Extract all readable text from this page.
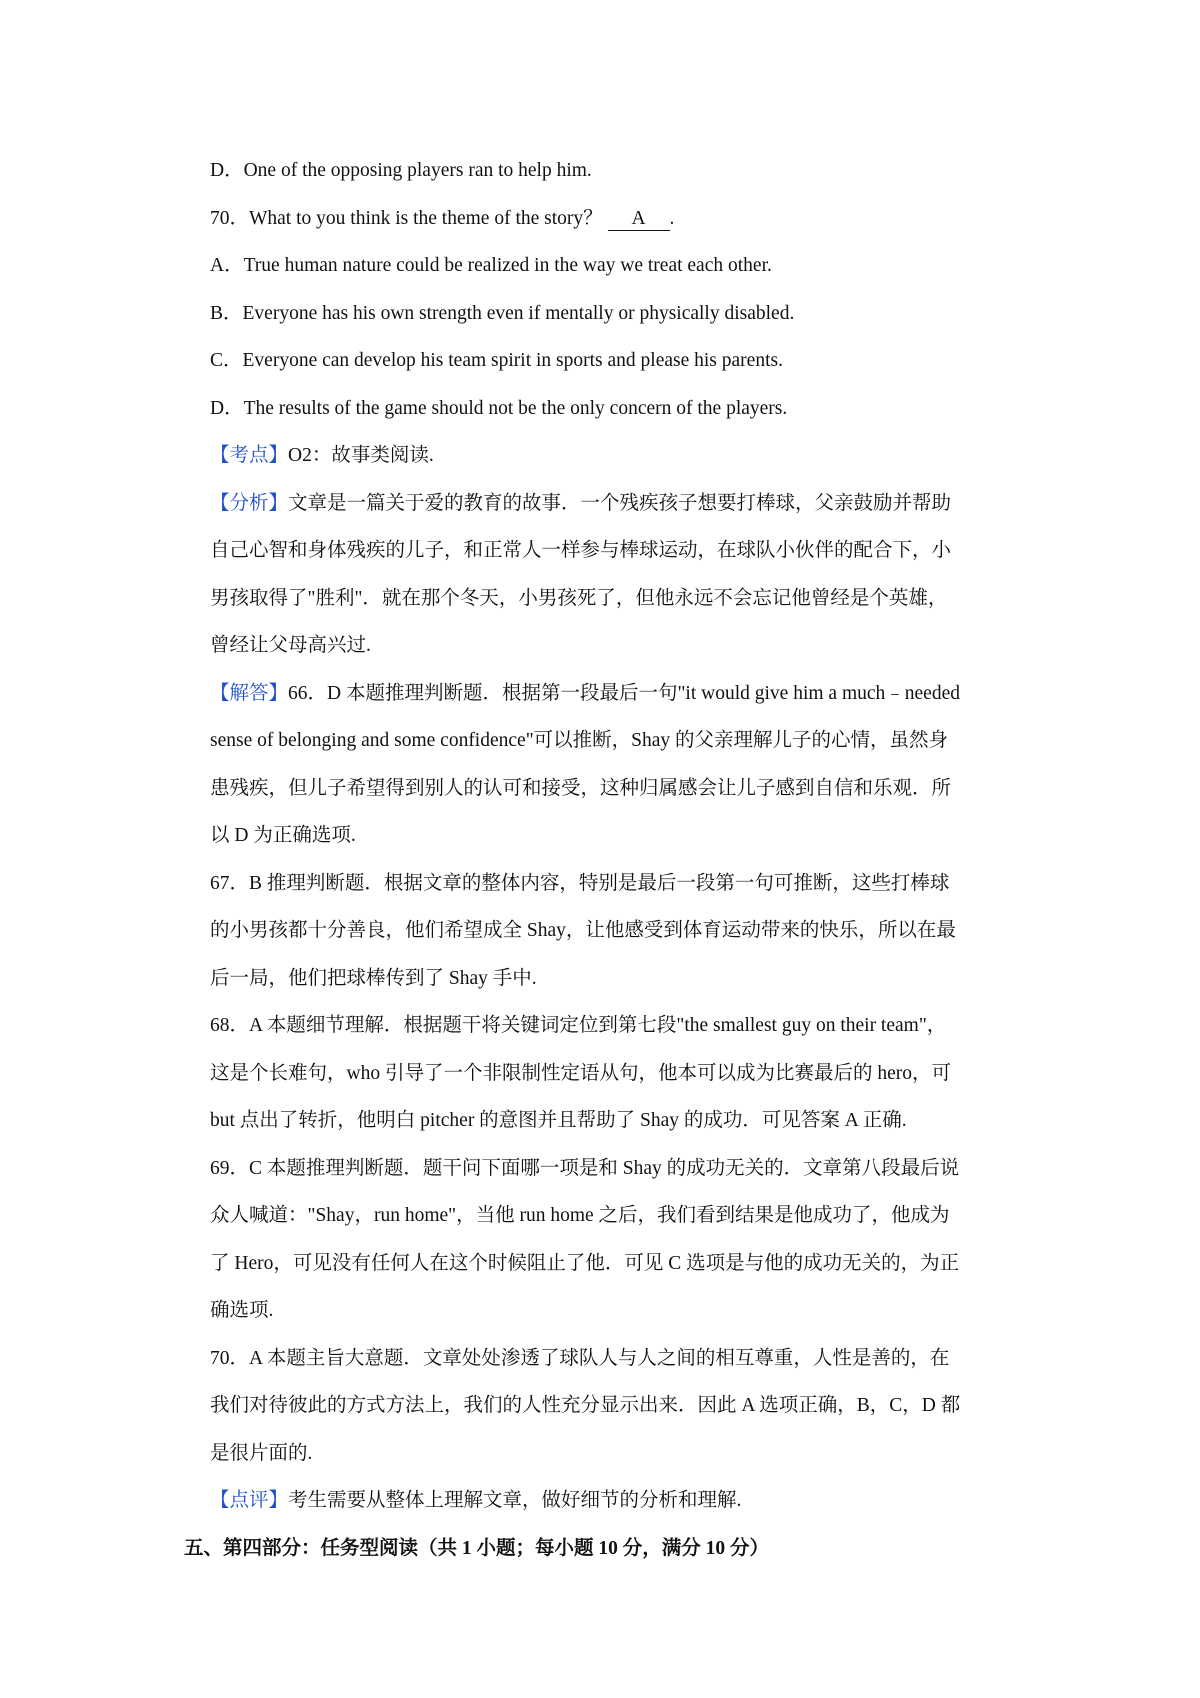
D．One of the opposing players ran to help him.
70．What to you think is the theme of the story？ A .
A．True human nature could be realized in the way we treat each other.
B．Everyone has his own strength even if mentally or physically disabled.
C．Everyone can develop his team spirit in sports and please his parents.
D．The results of the game should not be the only concern of the players.
【考点】O2：故事类阅读.
【分析】文章是一篇关于爱的教育的故事．一个残疾孩子想要打棒球，父亲鼓励并帮助
自己心智和身体残疾的儿子，和正常人一样参与棒球运动，在球队小伙伴的配合下，小
男孩取得了"胜利"．就在那个冬天，小男孩死了，但他永远不会忘记他曾经是个英雄，
曾经让父母高兴过.
【解答】66．D 本题推理判断题．根据第一段最后一句"it would give him a much﹣needed
sense of belonging and some confidence"可以推断，Shay 的父亲理解儿子的心情，虽然身
患残疾，但儿子希望得到别人的认可和接受，这种归属感会让儿子感到自信和乐观．所
以 D 为正确选项.
67．B 推理判断题．根据文章的整体内容，特别是最后一段第一句可推断，这些打棒球
的小男孩都十分善良，他们希望成全 Shay，让他感受到体育运动带来的快乐，所以在最
后一局，他们把球棒传到了 Shay 手中.
68．A 本题细节理解．根据题干将关键词定位到第七段"the smallest guy on their team"，
这是个长难句，who 引导了一个非限制性定语从句，他本可以成为比赛最后的 hero，可
but 点出了转折，他明白 pitcher 的意图并且帮助了 Shay 的成功．可见答案 A 正确.
69．C 本题推理判断题．题干问下面哪一项是和 Shay 的成功无关的．文章第八段最后说
众人喊道："Shay，run home"，当他 run home 之后，我们看到结果是他成功了，他成为
了 Hero，可见没有任何人在这个时候阻止了他．可见 C 选项是与他的成功无关的，为正
确选项.
70．A 本题主旨大意题．文章处处渗透了球队人与人之间的相互尊重，人性是善的，在
我们对待彼此的方式方法上，我们的人性充分显示出来．因此 A 选项正确，B，C，D 都
是很片面的.
【点评】考生需要从整体上理解文章，做好细节的分析和理解.
五、第四部分：任务型阅读（共 1 小题；每小题 10 分，满分 10 分）
